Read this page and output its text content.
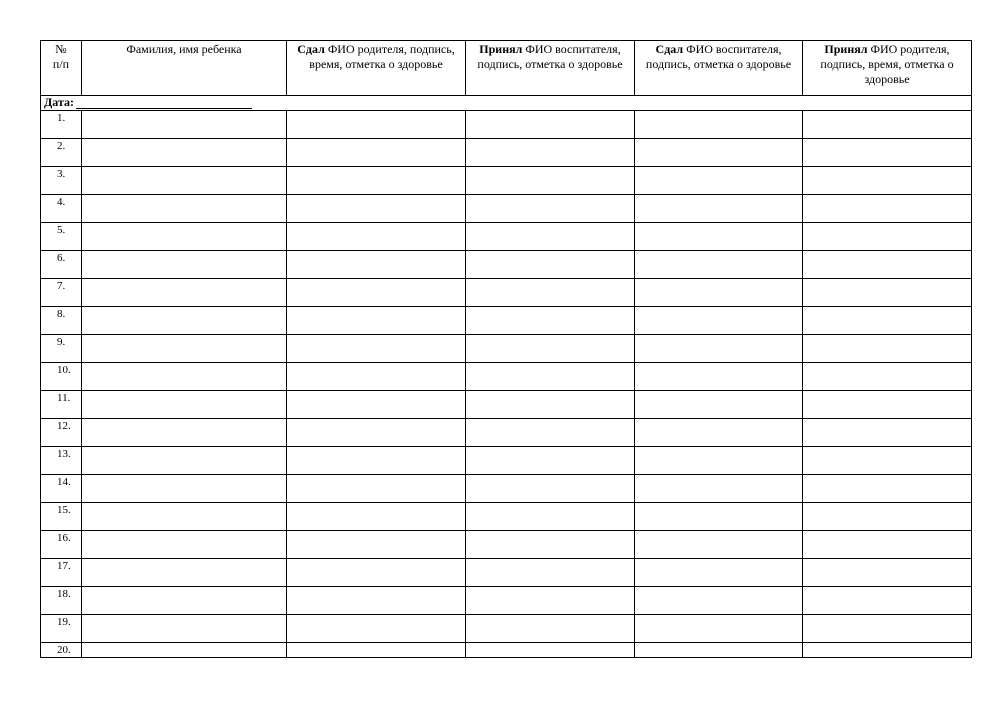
№
п/п	Фамилия, имя ребенка	Сдал ФИО родителя, подпись, время, отметка о здоровье	Принял ФИО воспитателя, подпись, отметка о здоровье	Сдал ФИО воспитателя, подпись, отметка о здоровье	Принял ФИО родителя, подпись, время, отметка о здоровье
Дата:					
1.					
2.					
3.					
4.					
5.					
6.					
7.					
8.					
9.					
10.					
11.					
12.					
13.					
14.					
15.					
16.					
17.					
18.					
19.					
20.					
